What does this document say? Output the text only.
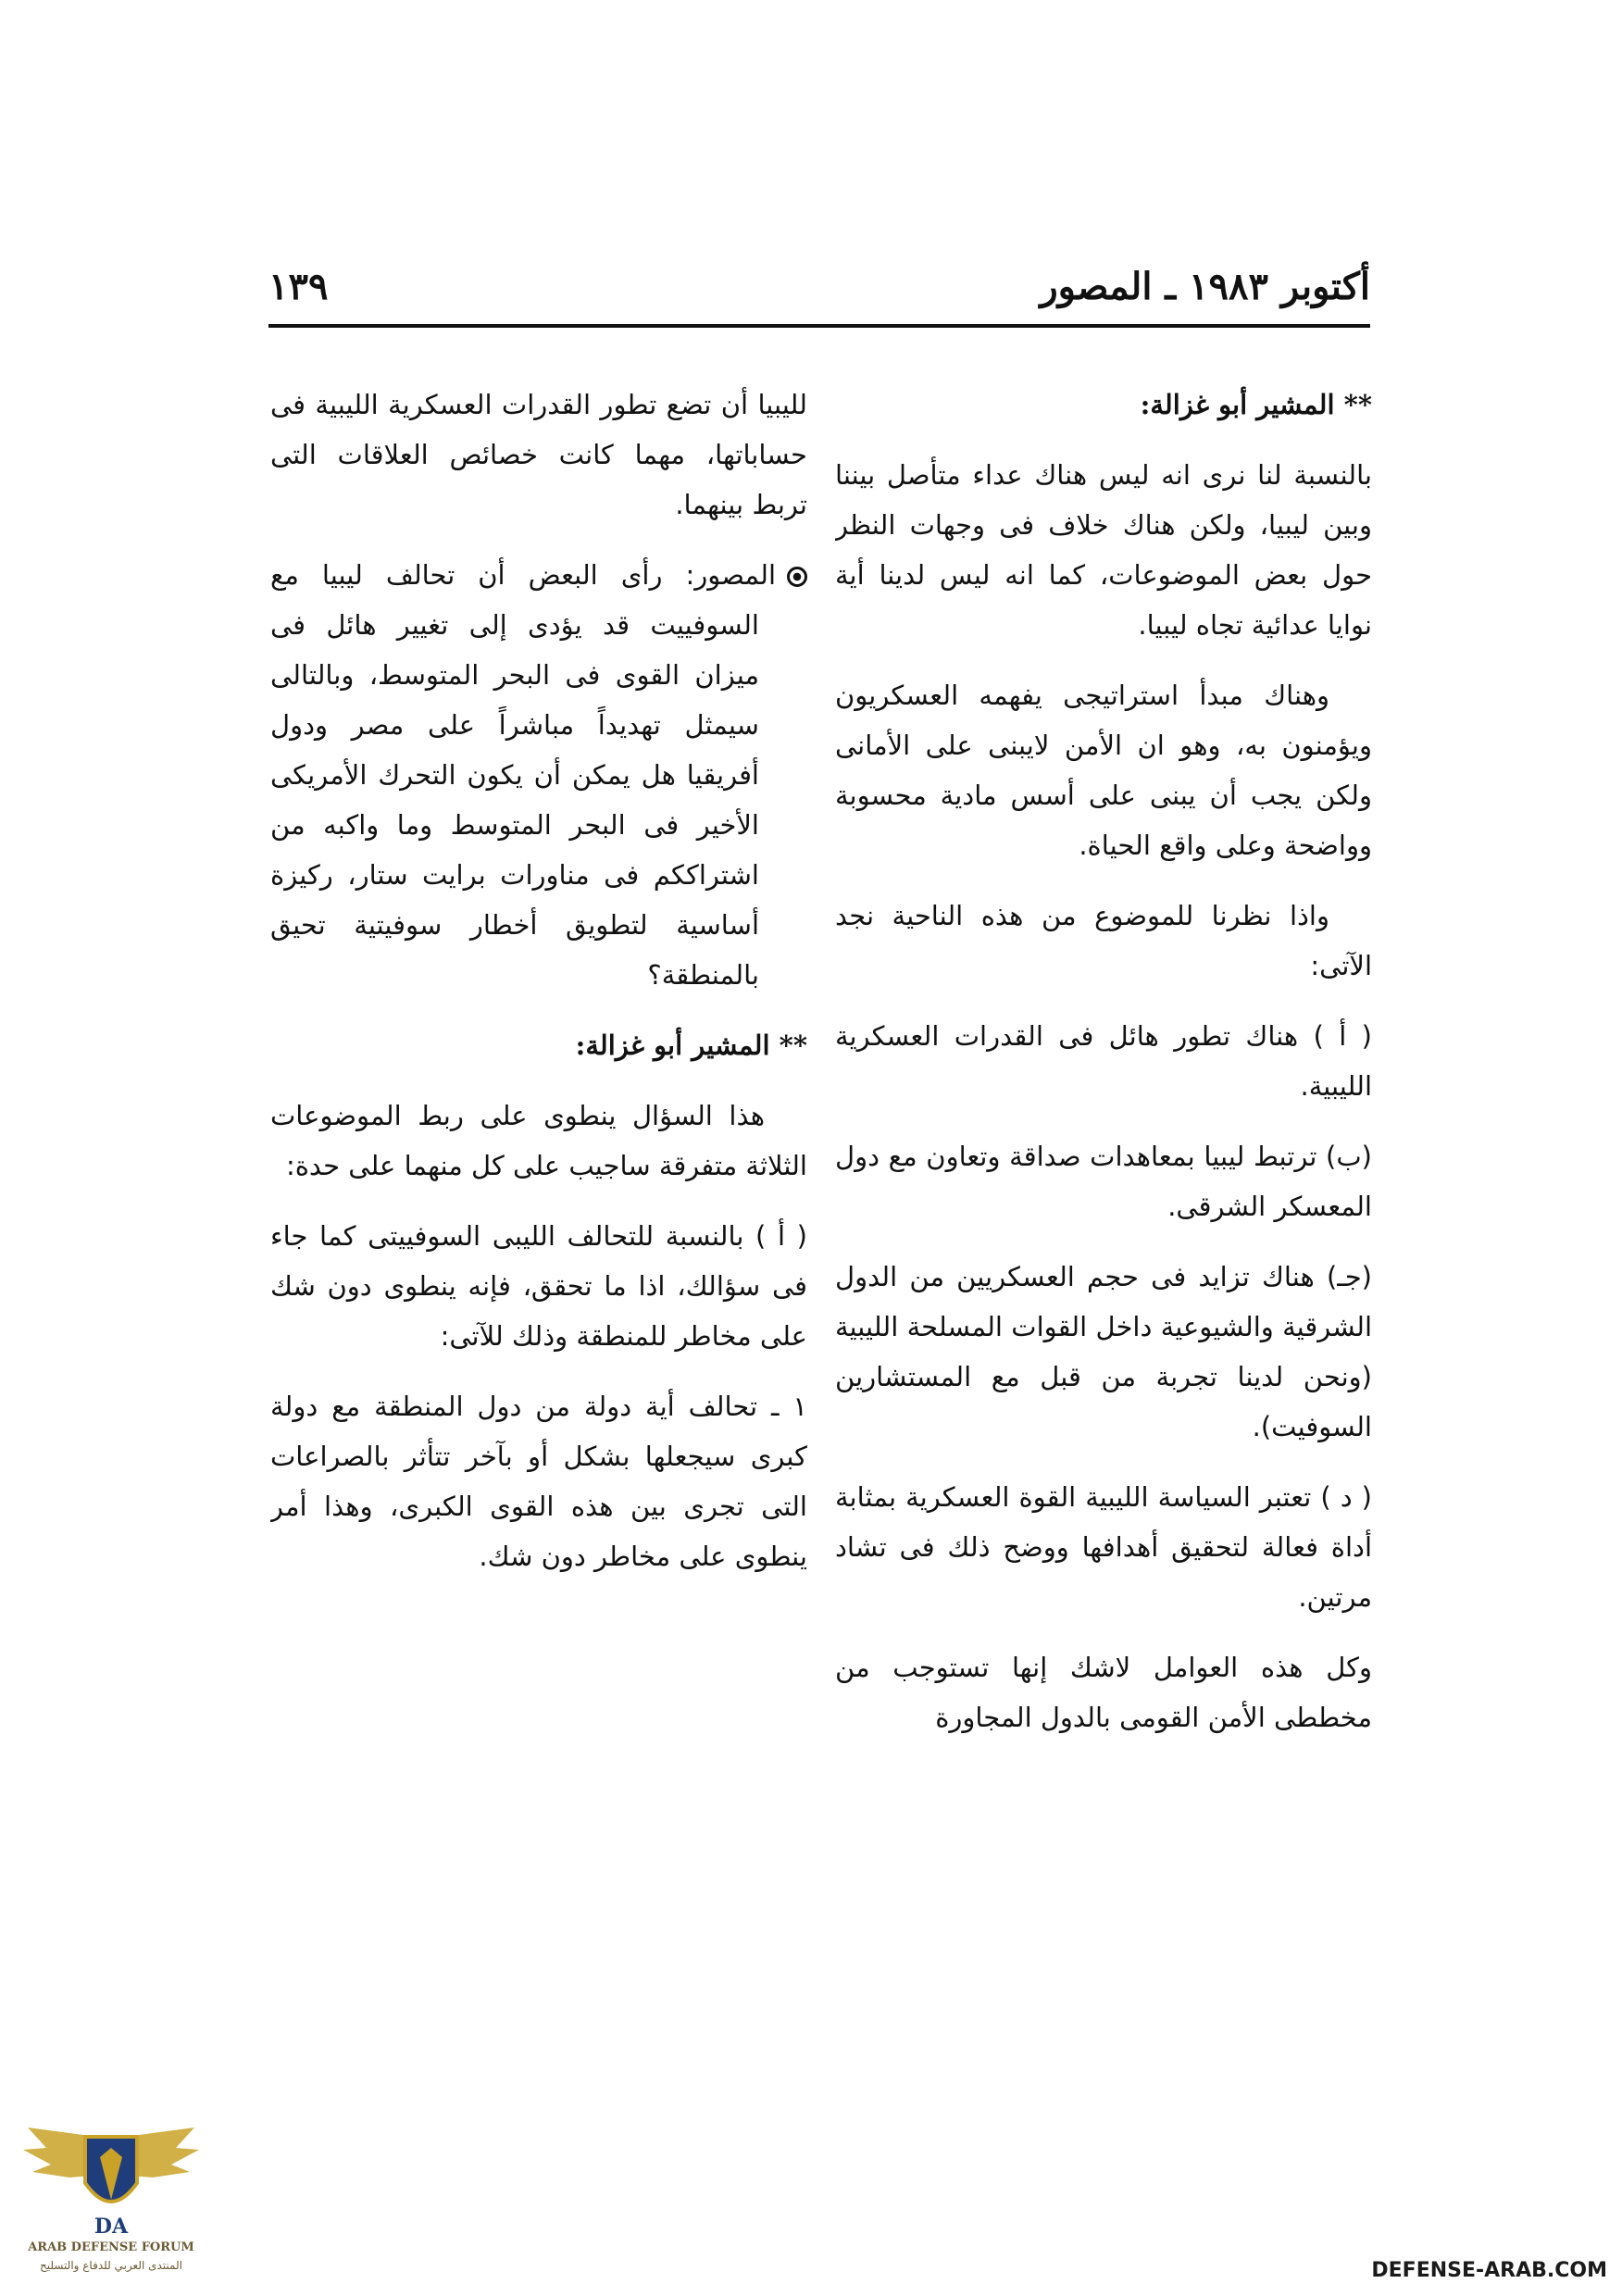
أكتوبر ١٩٨٣ ـ المصور
١٣٩

** المشير أبو غزالة:

بالنسبة لنا نرى انه ليس هناك عداء متأصل بيننا وبين ليبيا، ولكن هناك خلاف فى وجهات النظر حول بعض الموضوعات، كما انه ليس لدينا أية نوايا عدائية تجاه ليبيا.

وهناك مبدأ استراتيجى يفهمه العسكريون ويؤمنون به، وهو ان الأمن لايبنى على الأمانى ولكن يجب أن يبنى على أسس مادية محسوبة وواضحة وعلى واقع الحياة.

واذا نظرنا للموضوع من هذه الناحية نجد الآتى:

( أ ) هناك تطور هائل فى القدرات العسكرية الليبية.

(ب) ترتبط ليبيا بمعاهدات صداقة وتعاون مع دول المعسكر الشرقى.

(جـ) هناك تزايد فى حجم العسكريين من الدول الشرقية والشيوعية داخل القوات المسلحة الليبية (ونحن لدينا تجربة من قبل مع المستشارين السوفيت).

( د ) تعتبر السياسة الليبية القوة العسكرية بمثابة أداة فعالة لتحقيق أهدافها ووضح ذلك فى تشاد مرتين.

وكل هذه العوامل لاشك إنها تستوجب من مخططى الأمن القومى بالدول المجاورة

لليبيا أن تضع تطور القدرات العسكرية الليبية فى حساباتها، مهما كانت خصائص العلاقات التى تربط بينهما.

المصور: رأى البعض أن تحالف ليبيا مع السوفييت قد يؤدى إلى تغيير هائل فى ميزان القوى فى البحر المتوسط، وبالتالى سيمثل تهديداً مباشراً على مصر ودول أفريقيا هل يمكن أن يكون التحرك الأمريكى الأخير فى البحر المتوسط وما واكبه من اشتراككم فى مناورات برايت ستار، ركيزة أساسية لتطويق أخطار سوفيتية تحيق بالمنطقة؟

** المشير أبو غزالة:

هذا السؤال ينطوى على ربط الموضوعات الثلاثة متفرقة ساجيب على كل منهما على حدة:

( أ ) بالنسبة للتحالف الليبى السوفييتى كما جاء فى سؤالك، اذا ما تحقق، فإنه ينطوى دون شك على مخاطر للمنطقة وذلك للآتى:

١ ـ تحالف أية دولة من دول المنطقة مع دولة كبرى سيجعلها بشكل أو بآخر تتأثر بالصراعات التى تجرى بين هذه القوى الكبرى، وهذا أمر ينطوى على مخاطر دون شك.

DA
ARAB DEFENSE FORUM
المنتدى العربي للدفاع والتسليح	DEFENSE-ARAB.COM
